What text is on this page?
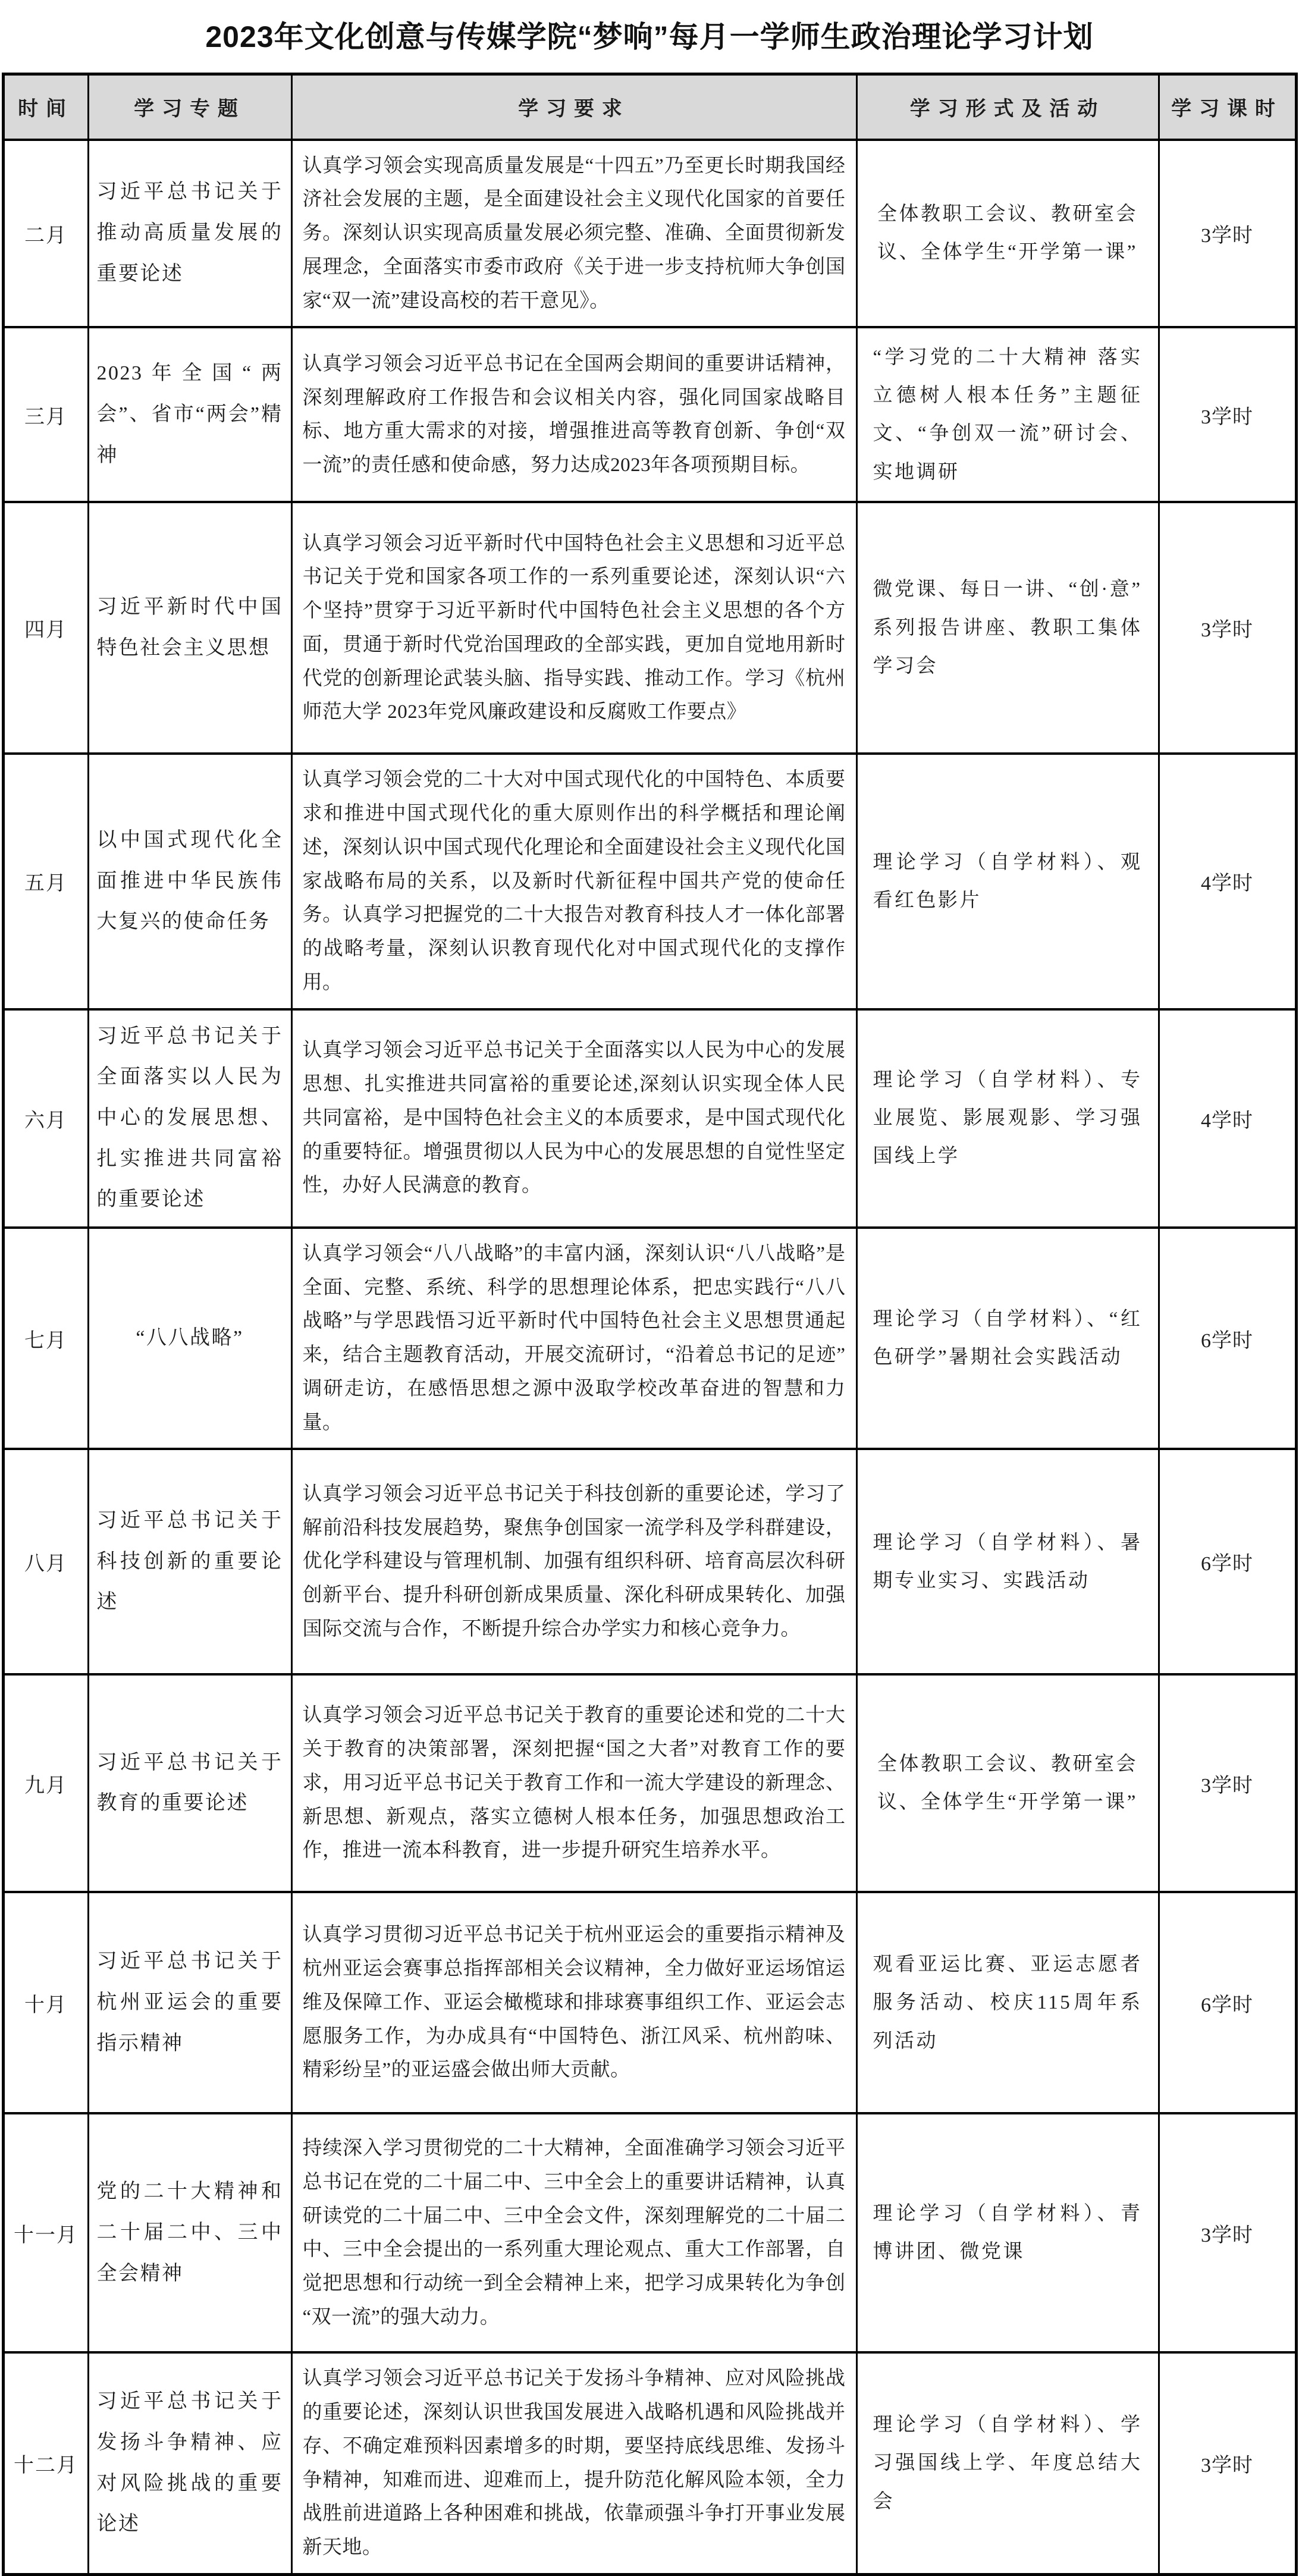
2023年文化创意与传媒学院“梦响”每月一学师生政治理论学习计划
时间	学习专题	学习要求	学习形式及活动	学习课时
二月	习近平总书记关于推动高质量发展的重要论述	认真学习领会实现高质量发展是“十四五”乃至更长时期我国经济社会发展的主题，是全面建设社会主义现代化国家的首要任务。深刻认识实现高质量发展必须完整、准确、全面贯彻新发展理念，全面落实市委市政府《关于进一步支持杭师大争创国家“双一流”建设高校的若干意见》。	全体教职工会议、教研室会议、全体学生“开学第一课”	3学时
三月	2023年全国“两会”、省市“两会”精神	认真学习领会习近平总书记在全国两会期间的重要讲话精神，深刻理解政府工作报告和会议相关内容，强化同国家战略目标、地方重大需求的对接，增强推进高等教育创新、争创“双一流”的责任感和使命感，努力达成2023年各项预期目标。	“学习党的二十大精神 落实立德树人根本任务”主题征文、“争创双一流”研讨会、实地调研	3学时
四月	习近平新时代中国特色社会主义思想	认真学习领会习近平新时代中国特色社会主义思想和习近平总书记关于党和国家各项工作的一系列重要论述，深刻认识“六个坚持”贯穿于习近平新时代中国特色社会主义思想的各个方面，贯通于新时代党治国理政的全部实践，更加自觉地用新时代党的创新理论武装头脑、指导实践、推动工作。学习《杭州师范大学 2023年党风廉政建设和反腐败工作要点》	微党课、每日一讲、“创·意”系列报告讲座、教职工集体学习会	3学时
五月	以中国式现代化全面推进中华民族伟大复兴的使命任务	认真学习领会党的二十大对中国式现代化的中国特色、本质要求和推进中国式现代化的重大原则作出的科学概括和理论阐述，深刻认识中国式现代化理论和全面建设社会主义现代化国家战略布局的关系，以及新时代新征程中国共产党的使命任务。认真学习把握党的二十大报告对教育科技人才一体化部署的战略考量，深刻认识教育现代化对中国式现代化的支撑作用。	理论学习（自学材料）、观看红色影片	4学时
六月	习近平总书记关于全面落实以人民为中心的发展思想、扎实推进共同富裕的重要论述	认真学习领会习近平总书记关于全面落实以人民为中心的发展思想、扎实推进共同富裕的重要论述,深刻认识实现全体人民共同富裕，是中国特色社会主义的本质要求，是中国式现代化的重要特征。增强贯彻以人民为中心的发展思想的自觉性坚定性，办好人民满意的教育。	理论学习（自学材料）、专业展览、影展观影、学习强国线上学	4学时
七月	“八八战略”	认真学习领会“八八战略”的丰富内涵，深刻认识“八八战略”是全面、完整、系统、科学的思想理论体系，把忠实践行“八八战略”与学思践悟习近平新时代中国特色社会主义思想贯通起来，结合主题教育活动，开展交流研讨，“沿着总书记的足迹”调研走访，在感悟思想之源中汲取学校改革奋进的智慧和力量。	理论学习（自学材料）、“红色研学”暑期社会实践活动	6学时
八月	习近平总书记关于科技创新的重要论述	认真学习领会习近平总书记关于科技创新的重要论述，学习了解前沿科技发展趋势，聚焦争创国家一流学科及学科群建设，优化学科建设与管理机制、加强有组织科研、培育高层次科研创新平台、提升科研创新成果质量、深化科研成果转化、加强国际交流与合作，不断提升综合办学实力和核心竞争力。	理论学习（自学材料）、暑期专业实习、实践活动	6学时
九月	习近平总书记关于教育的重要论述	认真学习领会习近平总书记关于教育的重要论述和党的二十大关于教育的决策部署，深刻把握“国之大者”对教育工作的要求，用习近平总书记关于教育工作和一流大学建设的新理念、新思想、新观点，落实立德树人根本任务，加强思想政治工作，推进一流本科教育，进一步提升研究生培养水平。	全体教职工会议、教研室会议、全体学生“开学第一课”	3学时
十月	习近平总书记关于杭州亚运会的重要指示精神	认真学习贯彻习近平总书记关于杭州亚运会的重要指示精神及杭州亚运会赛事总指挥部相关会议精神，全力做好亚运场馆运维及保障工作、亚运会橄榄球和排球赛事组织工作、亚运会志愿服务工作，为办成具有“中国特色、浙江风采、杭州韵味、精彩纷呈”的亚运盛会做出师大贡献。	观看亚运比赛、亚运志愿者服务活动、校庆115周年系列活动	6学时
十一月	党的二十大精神和二十届二中、三中全会精神	持续深入学习贯彻党的二十大精神，全面准确学习领会习近平总书记在党的二十届二中、三中全会上的重要讲话精神，认真研读党的二十届二中、三中全会文件，深刻理解党的二十届二中、三中全会提出的一系列重大理论观点、重大工作部署，自觉把思想和行动统一到全会精神上来，把学习成果转化为争创“双一流”的强大动力。	理论学习（自学材料）、青博讲团、微党课	3学时
十二月	习近平总书记关于发扬斗争精神、应对风险挑战的重要论述	认真学习领会习近平总书记关于发扬斗争精神、应对风险挑战的重要论述，深刻认识世我国发展进入战略机遇和风险挑战并存、不确定难预料因素增多的时期，要坚持底线思维、发扬斗争精神，知难而进、迎难而上，提升防范化解风险本领，全力战胜前进道路上各种困难和挑战，依靠顽强斗争打开事业发展新天地。	理论学习（自学材料）、学习强国线上学、年度总结大会	3学时
